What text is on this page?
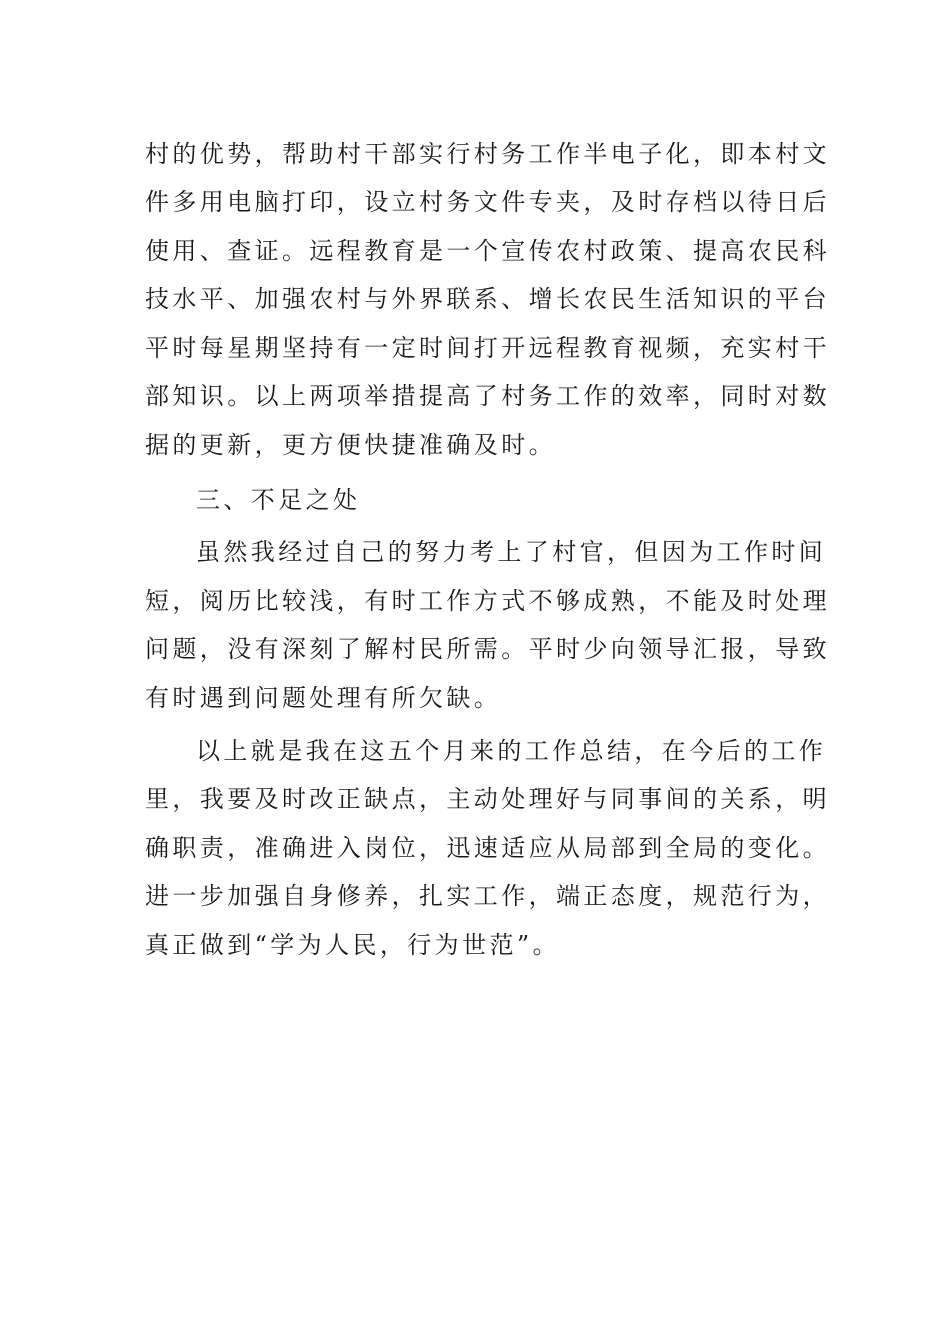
村的优势，帮助村干部实行村务工作半电子化，即本村文
件多用电脑打印，设立村务文件专夹，及时存档以待日后
使用、查证。远程教育是一个宣传农村政策、提高农民科
技水平、加强农村与外界联系、增长农民生活知识的平台
平时每星期坚持有一定时间打开远程教育视频，充实村干
部知识。以上两项举措提高了村务工作的效率，同时对数
据的更新，更方便快捷准确及时。
三、不足之处
虽然我经过自己的努力考上了村官，但因为工作时间
短，阅历比较浅，有时工作方式不够成熟，不能及时处理
问题，没有深刻了解村民所需。平时少向领导汇报，导致
有时遇到问题处理有所欠缺。
以上就是我在这五个月来的工作总结，在今后的工作
里，我要及时改正缺点，主动处理好与同事间的关系，明
确职责，准确进入岗位，迅速适应从局部到全局的变化。
进一步加强自身修养，扎实工作，端正态度，规范行为，
真正做到“学为人民，行为世范”。
